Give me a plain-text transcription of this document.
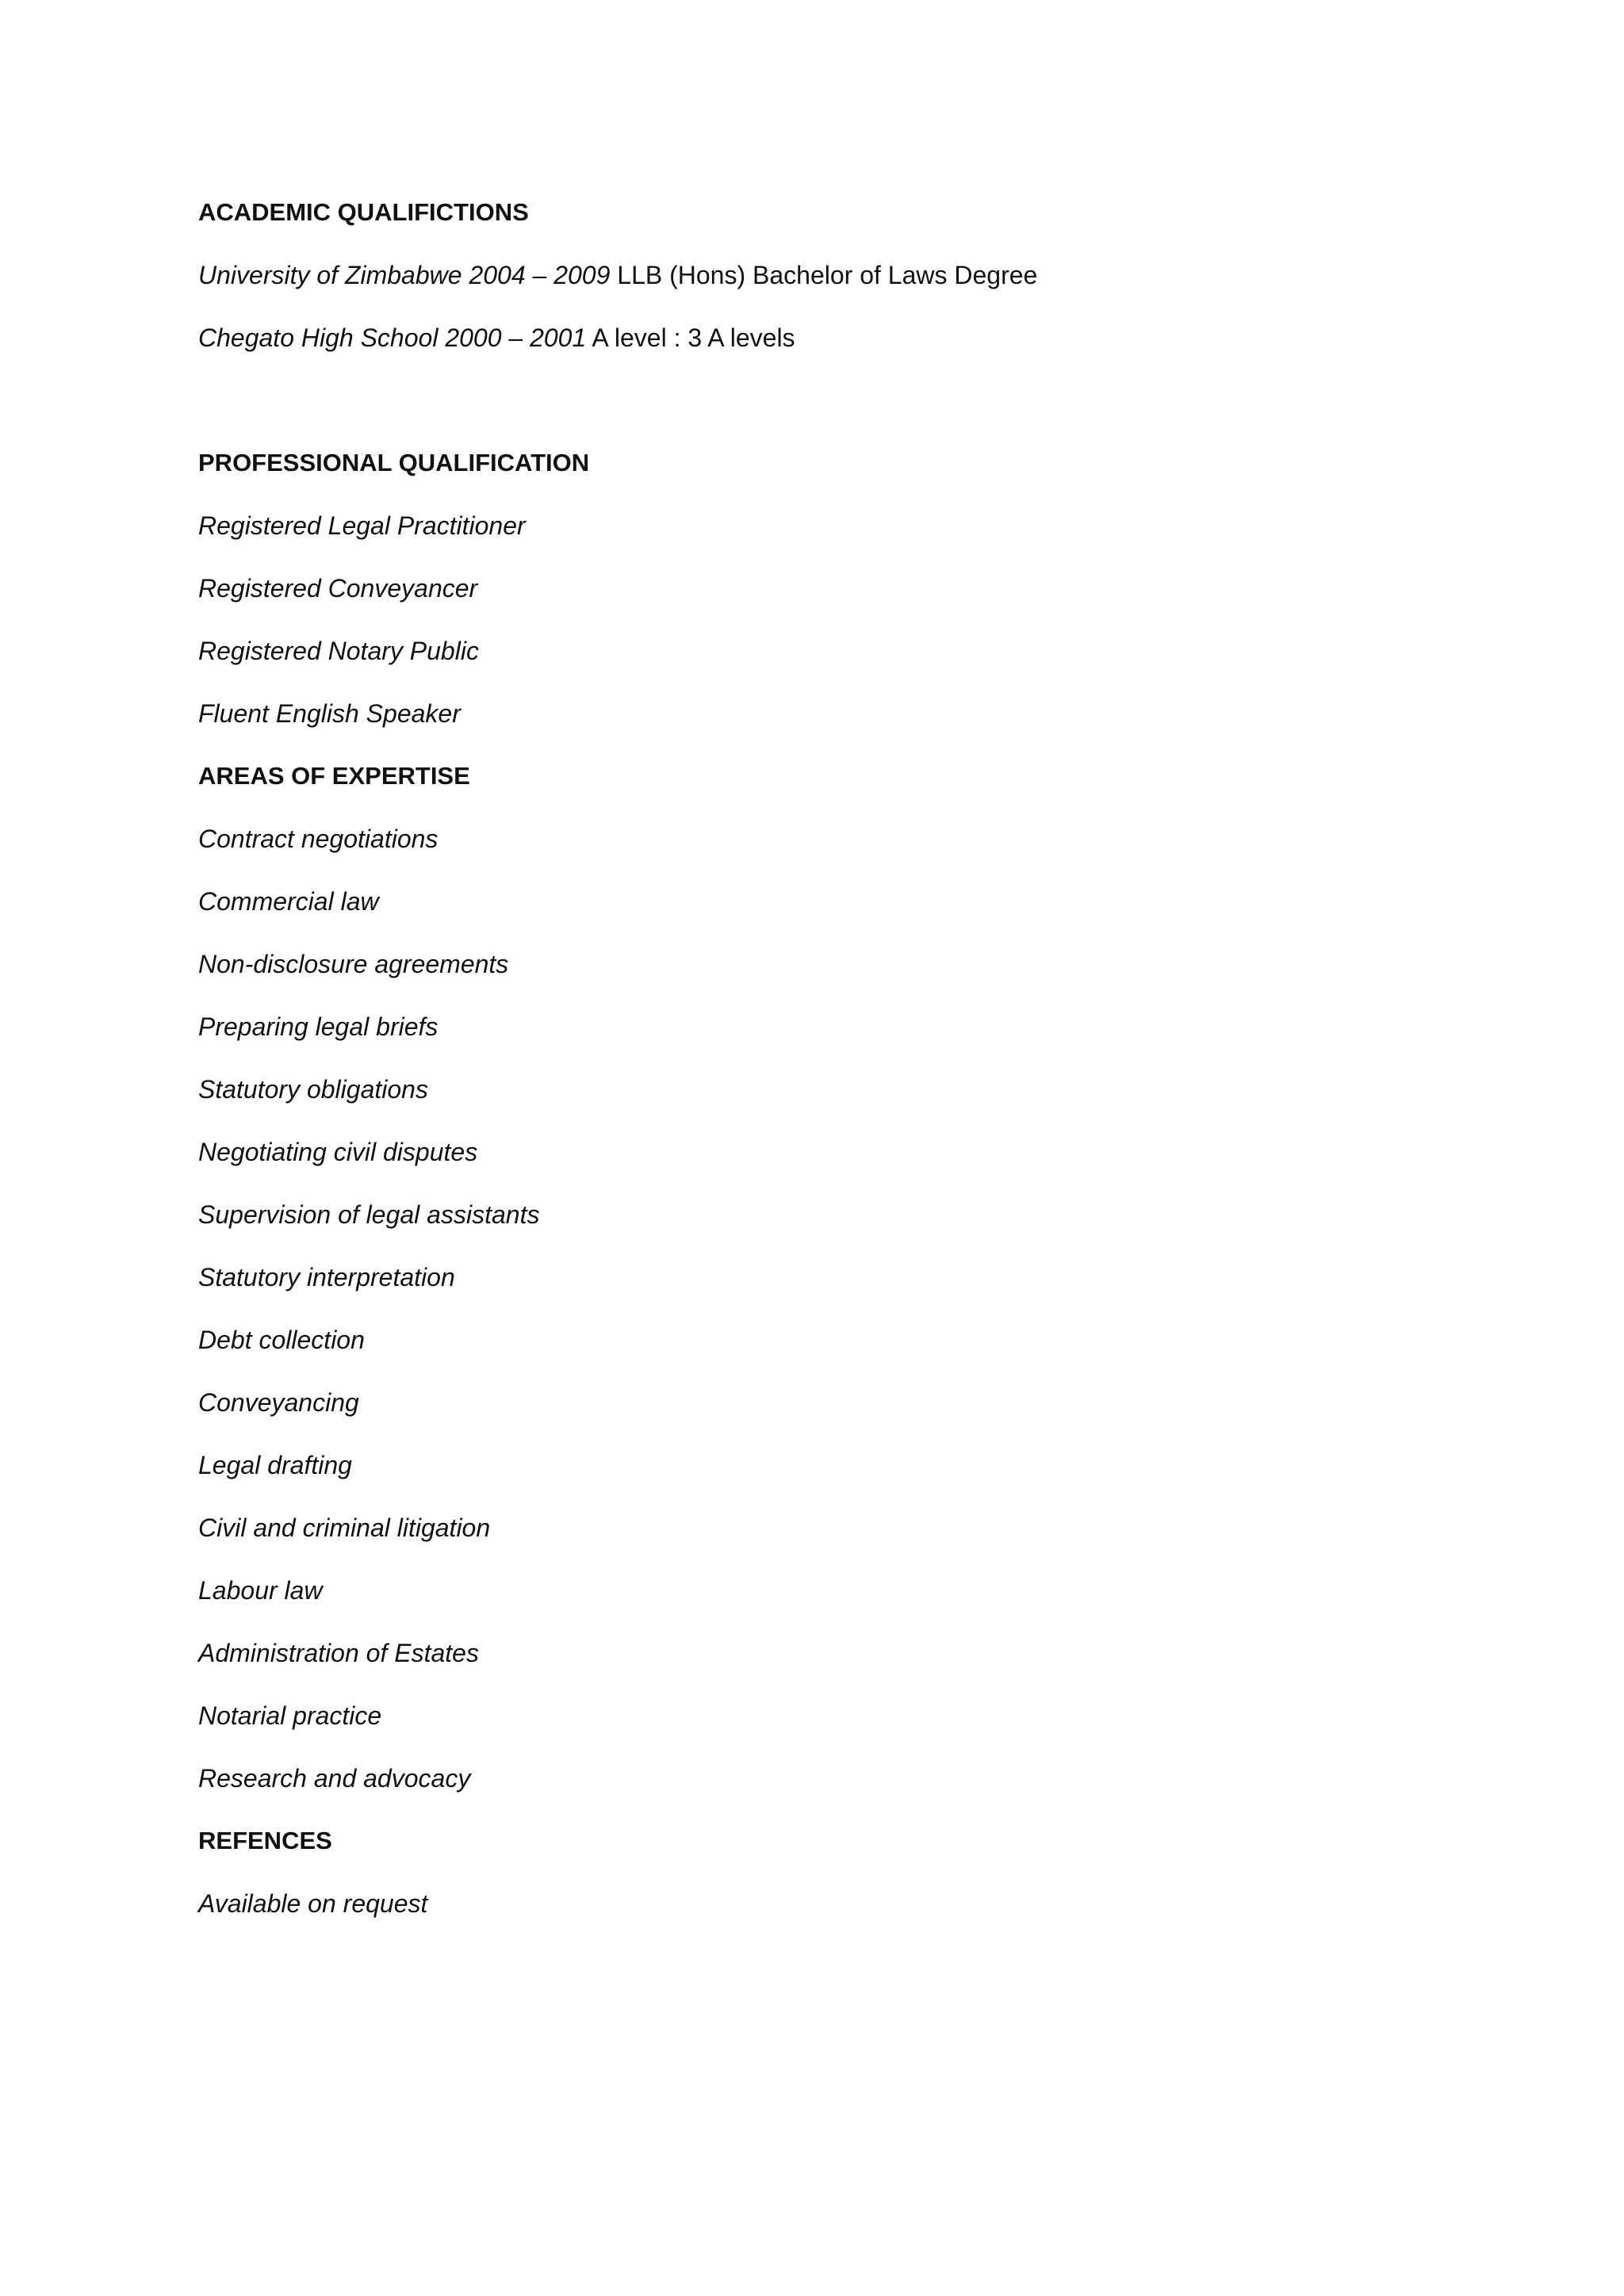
ACADEMIC QUALIFICTIONS
University of Zimbabwe 2004 – 2009 LLB (Hons) Bachelor of Laws Degree
Chegato High School 2000 – 2001 A level : 3 A levels
PROFESSIONAL QUALIFICATION
Registered Legal Practitioner
Registered Conveyancer
Registered Notary Public
Fluent English Speaker
AREAS OF EXPERTISE
Contract negotiations
Commercial law
Non-disclosure agreements
Preparing legal briefs
Statutory obligations
Negotiating civil disputes
Supervision of legal assistants
Statutory interpretation
Debt collection
Conveyancing
Legal drafting
Civil and criminal litigation
Labour law
Administration of Estates
Notarial practice
Research and advocacy
REFENCES
Available on request
